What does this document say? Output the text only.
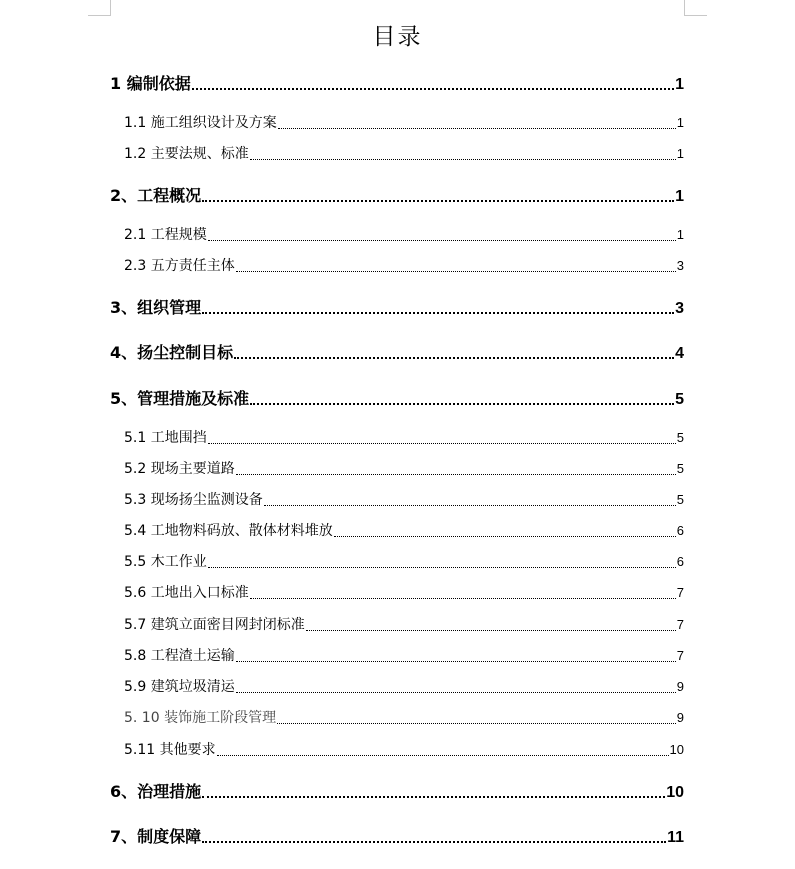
目录
1 编制依据	1
1.1 施工组织设计及方案	1
1.2 主要法规、标准	1
2、工程概况	1
2.1 工程规模	1
2.3 五方责任主体	3
3、组织管理	3
4、扬尘控制目标	4
5、管理措施及标准	5
5.1 工地围挡	5
5.2 现场主要道路	5
5.3 现场扬尘监测设备	5
5.4 工地物料码放、散体材料堆放	6
5.5 木工作业	6
5.6 工地出入口标准	7
5.7 建筑立面密目网封闭标准	7
5.8 工程渣土运输	7
5.9 建筑垃圾清运	9
5. 10 装饰施工阶段管理	9
5.11 其他要求	10
6、治理措施	10
7、制度保障	11
